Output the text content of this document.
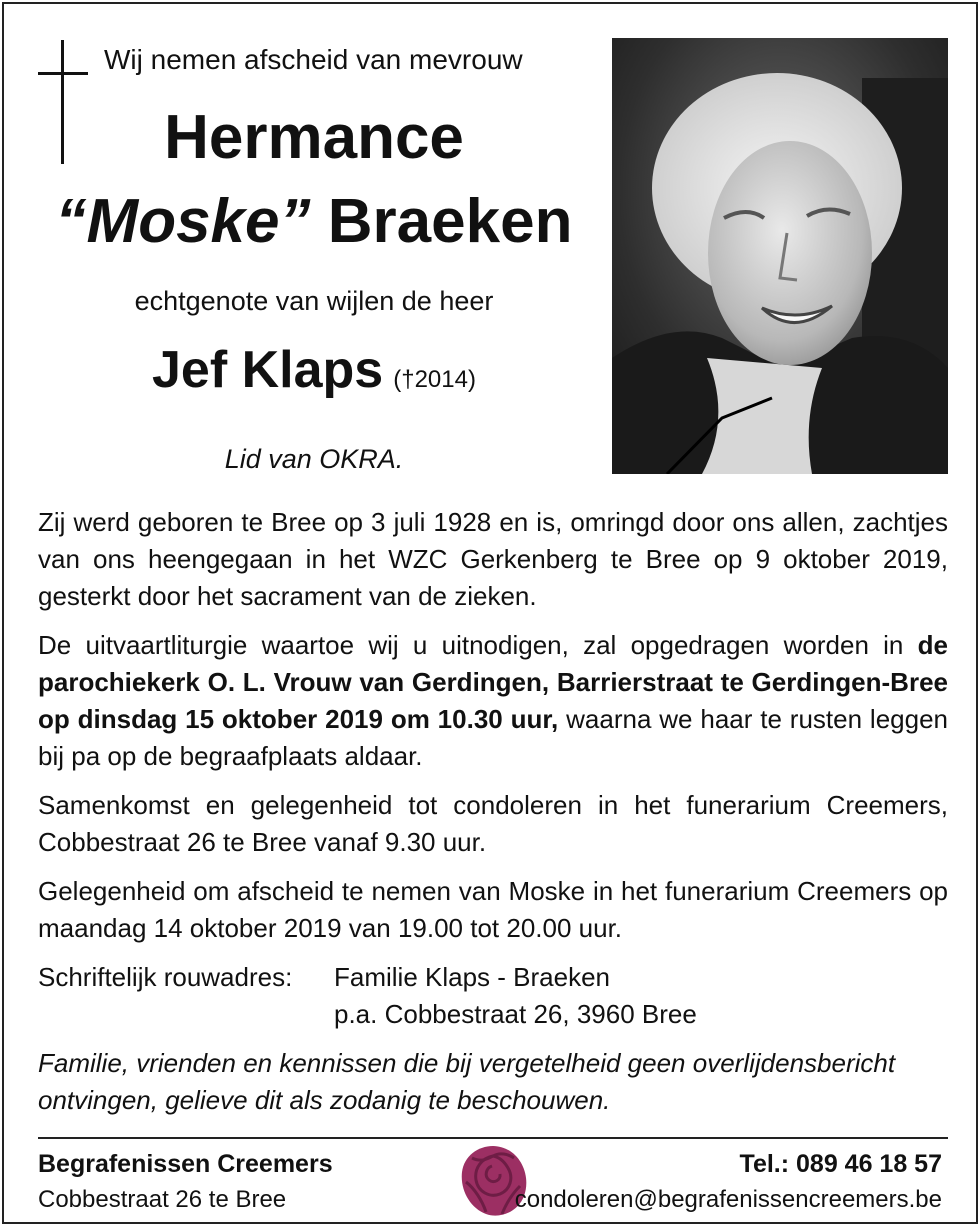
Wij nemen afscheid van mevrouw
Hermance
“Moske” Braeken
echtgenote van wijlen de heer
Jef Klaps (†2014)
Lid van OKRA.

Zij werd geboren te Bree op 3 juli 1928 en is, omringd door ons allen, zachtjes van ons heengegaan in het WZC Gerkenberg te Bree op 9 oktober 2019, gesterkt door het sacrament van de zieken.

De uitvaartliturgie waartoe wij u uitnodigen, zal opgedragen worden in de parochiekerk O. L. Vrouw van Gerdingen, Barrierstraat te Gerdingen-Bree op dinsdag 15 oktober 2019 om 10.30 uur, waarna we haar te rusten leggen bij pa op de begraafplaats aldaar.

Samenkomst en gelegenheid tot condoleren in het funerarium Creemers, Cobbestraat 26 te Bree vanaf 9.30 uur.

Gelegenheid om afscheid te nemen van Moske in het funerarium Creemers op maandag 14 oktober 2019 van 19.00 tot 20.00 uur.

Schriftelijk rouwadres:	Familie Klaps - Braeken
p.a. Cobbestraat 26, 3960 Bree

Familie, vrienden en kennissen die bij vergetelheid geen overlijdensbericht ontvingen, gelieve dit als zodanig te beschouwen.

Begrafenissen Creemers
Cobbestraat 26 te Bree
Tel.: 089 46 18 57
condoleren@begrafenissencreemers.be
